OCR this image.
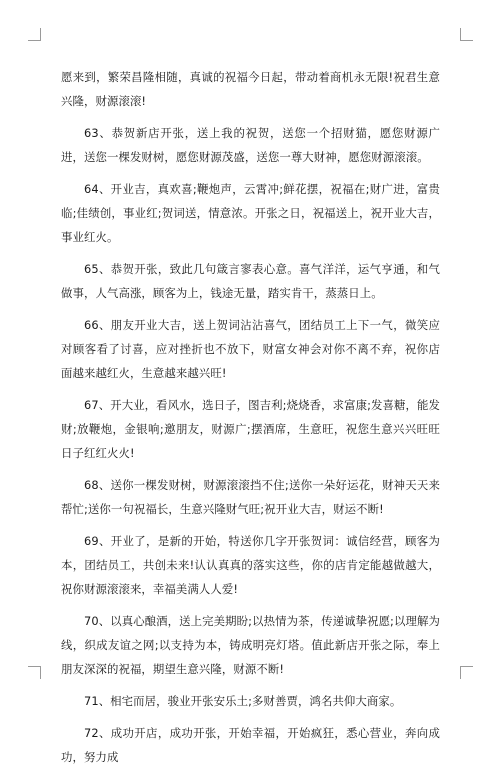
愿来到，繁荣昌隆相随，真诚的祝福今日起，带动着商机永无限!祝君生意兴隆，财源滚滚!

63、恭贺新店开张，送上我的祝贺，送您一个招财猫，愿您财源广进，送您一棵发财树，愿您财源茂盛，送您一尊大财神，愿您财源滚滚。

64、开业吉，真欢喜;鞭炮声，云霄冲;鲜花摆，祝福在;财广进，富贵临;佳绩创，事业红;贺词送，情意浓。开张之日，祝福送上，祝开业大吉，事业红火。

65、恭贺开张，致此几句箴言寥表心意。喜气洋洋，运气亨通，和气做事，人气高涨，顾客为上，钱途无量，踏实肯干，蒸蒸日上。

66、朋友开业大吉，送上贺词沾沾喜气，团结员工上下一气，微笑应对顾客看了讨喜，应对挫折也不放下，财富女神会对你不离不弃，祝你店面越来越红火，生意越来越兴旺!

67、开大业，看风水，选日子，图吉利;烧烧香，求富康;发喜糖，能发财;放鞭炮，金银响;邀朋友，财源广;摆酒席，生意旺，祝您生意兴兴旺旺日子红红火火!

68、送你一棵发财树，财源滚滚挡不住;送你一朵好运花，财神天天来帮忙;送你一句祝福长，生意兴隆财气旺;祝开业大吉，财运不断!

69、开业了，是新的开始，特送你几字开张贺词：诚信经营，顾客为本，团结员工，共创未来!认认真真的落实这些，你的店肯定能越做越大，祝你财源滚滚来，幸福美满人人爱!

70、以真心酿酒，送上完美期盼;以热情为茶，传递诚挚祝愿;以理解为线，织成友谊之网;以支持为本，铸成明亮灯塔。值此新店开张之际，奉上朋友深深的祝福，期望生意兴隆，财源不断!

71、相宅而居，骏业开张安乐土;多财善贾，鸿名共仰大商家。

72、成功开店，成功开张，开始幸福，开始疯狂，悉心营业，奔向成功，努力成
